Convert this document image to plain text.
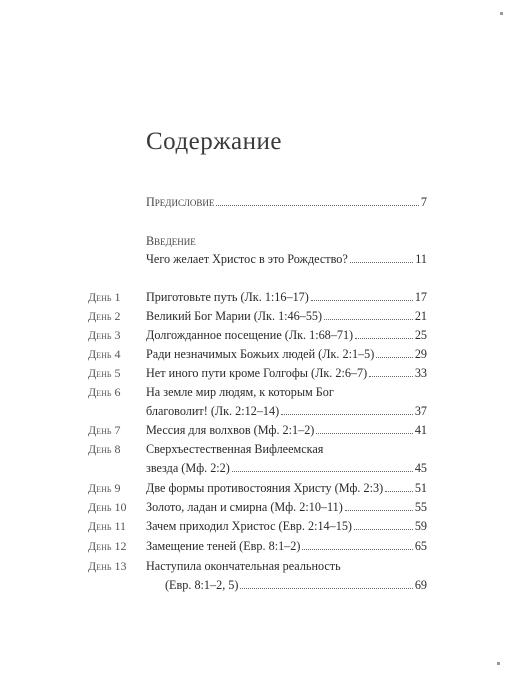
Содержание
Предисловие	7
Введение
Чего желает Христос в это Рождество?	11
День 1	Приготовьте путь (Лк. 1:16–17)	17
День 2	Великий Бог Марии (Лк. 1:46–55)	21
День 3	Долгожданное посещение (Лк. 1:68–71)	25
День 4	Ради незначимых Божьих людей (Лк. 2:1–5)	29
День 5	Нет иного пути кроме Голгофы (Лк. 2:6–7)	33
День 6	На земле мир людям, к которым Бог
благоволит! (Лк. 2:12–14)	37
День 7	Мессия для волхвов (Мф. 2:1–2)	41
День 8	Сверхъестественная Вифлеемская
звезда (Мф. 2:2)	45
День 9	Две формы противостояния Христу (Мф. 2:3)	51
День 10	Золото, ладан и смирна (Мф. 2:10–11)	55
День 11	Зачем приходил Христос (Евр. 2:14–15)	59
День 12	Замещение теней (Евр. 8:1–2)	65
День 13	Наступила окончательная реальность
(Евр. 8:1–2, 5)	69
